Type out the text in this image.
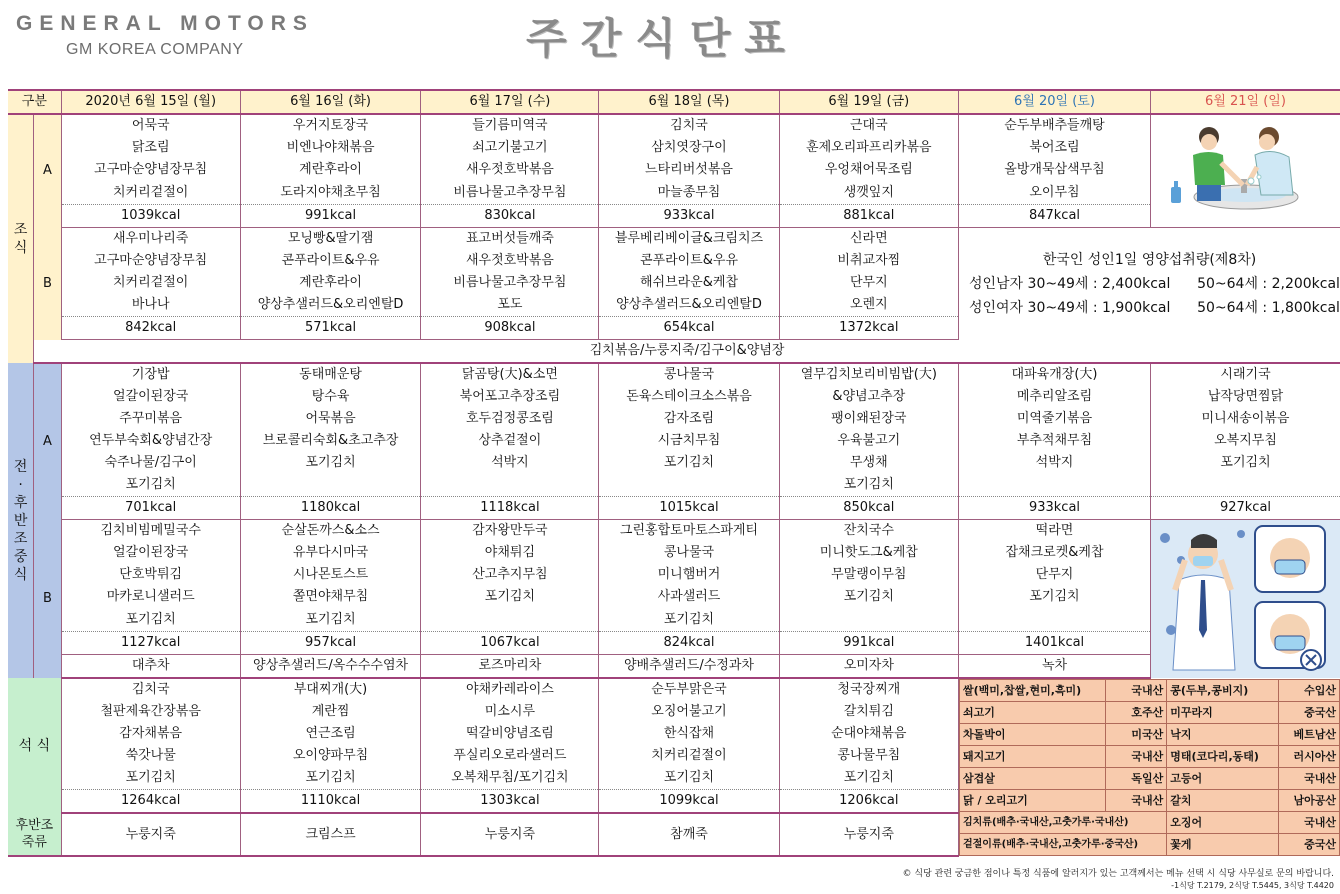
GENERAL MOTORS
GM KOREA COMPANY	주간식단표
구분	2020년 6월 15일 (월)	6월 16일 (화)	6월 17일 (수)	6월 18일 (목)	6월 19일 (금)	6월 20일 (토)	6월 21일 (일)

조식
	A	어묵국	우거지토장국	들기름미역국	김치국	근대국	순두부배추들깨탕	

닭조림	비엔나야채볶음	쇠고기불고기	삼치엿장구이	훈제오리파프리카볶음	북어조림
고구마순양념장무침	계란후라이	새우젓호박볶음	느타리버섯볶음	우엉채어묵조림	올방개묵삼색무침
치커리겉절이	도라지야채초무침	비름나물고추장무침	마늘종무침	생깻잎지	오이무침
1039kcal	991kcal	830kcal	933kcal	881kcal	847kcal
B	새우미나리죽	모닝빵&딸기잼	표고버섯들깨죽	블루베리베이글&크림치즈	신라면	
한국인 성인1일 영양섭취량(제8차)
성인남자 30~49세 : 2,400kcal      50~64세 : 2,200kcal
성인여자 30~49세 : 1,900kcal      50~64세 : 1,800kcal

고구마순양념장무침	콘푸라이트&우유	새우젓호박볶음	콘푸라이트&우유	비취교자찜
치커리겉절이	계란후라이	비름나물고추장무침	해쉬브라운&케찹	단무지
바나나	양상추샐러드&오리엔탈D	포도	양상추샐러드&오리엔탈D	오렌지
842kcal	571kcal	908kcal	654kcal	1372kcal
김치볶음/누룽지죽/김구이&양념장

전·후반조 중식
	A	기장밥	동태매운탕	닭곰탕(大)&소면	콩나물국	열무김치보리비빔밥(大)	대파육개장(大)	시래기국
얼갈이된장국	탕수육	북어포고추장조림	돈육스테이크소스볶음	&양념고추장	메추리알조림	납작당면찜닭
주꾸미볶음	어묵볶음	호두검정콩조림	감자조림	팽이왜된장국	미역줄기볶음	미니새송이볶음
연두부숙회&양념간장	브로콜리숙회&초고추장	상추겉절이	시금치무침	우육불고기	부추적채무침	오복지무침
숙주나물/김구이	포기김치	석박지	포기김치	무생채	석박지	포기김치
포기김치				포기김치		
701kcal	1180kcal	1118kcal	1015kcal	850kcal	933kcal	927kcal
B	김치비빔메밀국수	순살돈까스&소스	감자왕만두국	그린홍합토마토스파게티	잔치국수	떡라면	

얼갈이된장국	유부다시마국	야채튀김	콩나물국	미니핫도그&케찹	잡채크로켓&케찹
단호박튀김	시나몬토스트	산고추지무침	미니햄버거	무말랭이무침	단무지
마카로니샐러드	쫄면야채무침	포기김치	사과샐러드	포기김치	포기김치
포기김치	포기김치		포기김치		
1127kcal	957kcal	1067kcal	824kcal	991kcal	1401kcal
대추차	양상추샐러드/옥수수수염차	로즈마리차	양배추샐러드/수정과차	오미자차	녹차
석 식	김치국	부대찌개(大)	야채카레라이스	순두부맑은국	청국장찌개		쌀(백미,찹쌀,현미,흑미)	국내산	콩(두부,콩비지)	수입산
쇠고기	호주산	미꾸라지	중국산
차돌박이	미국산	낙지	베트남산
돼지고기	국내산	명태(코다리,동태)	러시아산
삼겹살	독일산	고등어	국내산
닭 / 오리고기	국내산	갈치	남아공산
김치류(배추·국내산,고춧가루·국내산)	오징어	국내산
겉절이류(배추·국내산,고춧가루·중국산)	꽃게	중국산

철판제육간장볶음	계란찜	미소시루	오징어불고기	갈치튀김
감자채볶음	연근조림	떡갈비양념조림	한식잡채	순대야채볶음
쑥갓나물	오이양파무침	푸실리오로라샐러드	치커리겉절이	콩나물무침
포기김치	포기김치	오복채무침/포기김치	포기김치	포기김치
1264kcal	1110kcal	1303kcal	1099kcal	1206kcal

후반조 죽류
	누룽지죽	크림스프	누룽지죽	참깨죽	누룽지죽

© 식당 관련 궁금한 점이나 특정 식품에 알러지가 있는 고객께서는 메뉴 선택 시 식당 사무실로 문의 바랍니다.
-1식당 T.2179, 2식당 T.5445, 3식당 T.4420
